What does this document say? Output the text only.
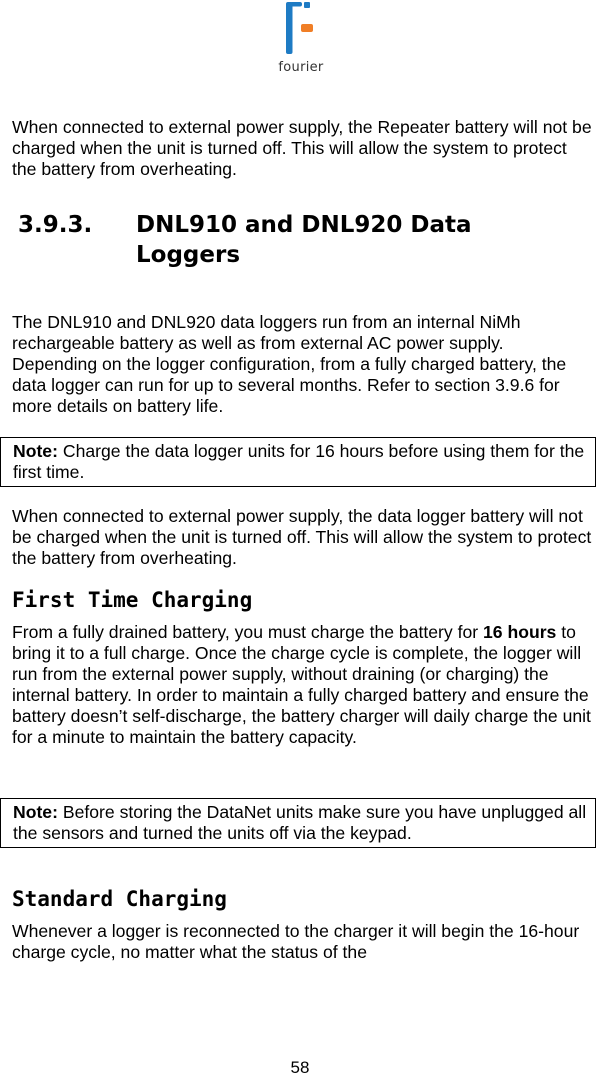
fourier

When connected to external power supply, the Repeater battery will not be charged when the unit is turned off. This will allow the system to protect the battery from overheating.

3.9.3. DNL910 and DNL920 Data Loggers

The DNL910 and DNL920 data loggers run from an internal NiMh rechargeable battery as well as from external AC power supply. Depending on the logger configuration, from a fully charged battery, the data logger can run for up to several months. Refer to section 3.9.6 for more details on battery life.

Note: Charge the data logger units for 16 hours before using them for the first time.

When connected to external power supply, the data logger battery will not be charged when the unit is turned off. This will allow the system to protect the battery from overheating.

First Time Charging

From a fully drained battery, you must charge the battery for 16 hours to bring it to a full charge. Once the charge cycle is complete, the logger will run from the external power supply, without draining (or charging) the internal battery. In order to maintain a fully charged battery and ensure the battery doesn’t self-discharge, the battery charger will daily charge the unit for a minute to maintain the battery capacity.

Note: Before storing the DataNet units make sure you have unplugged all the sensors and turned the units off via the keypad.
Standard Charging

Whenever a logger is reconnected to the charger it will begin the 16-hour charge cycle, no matter what the status of the

58
